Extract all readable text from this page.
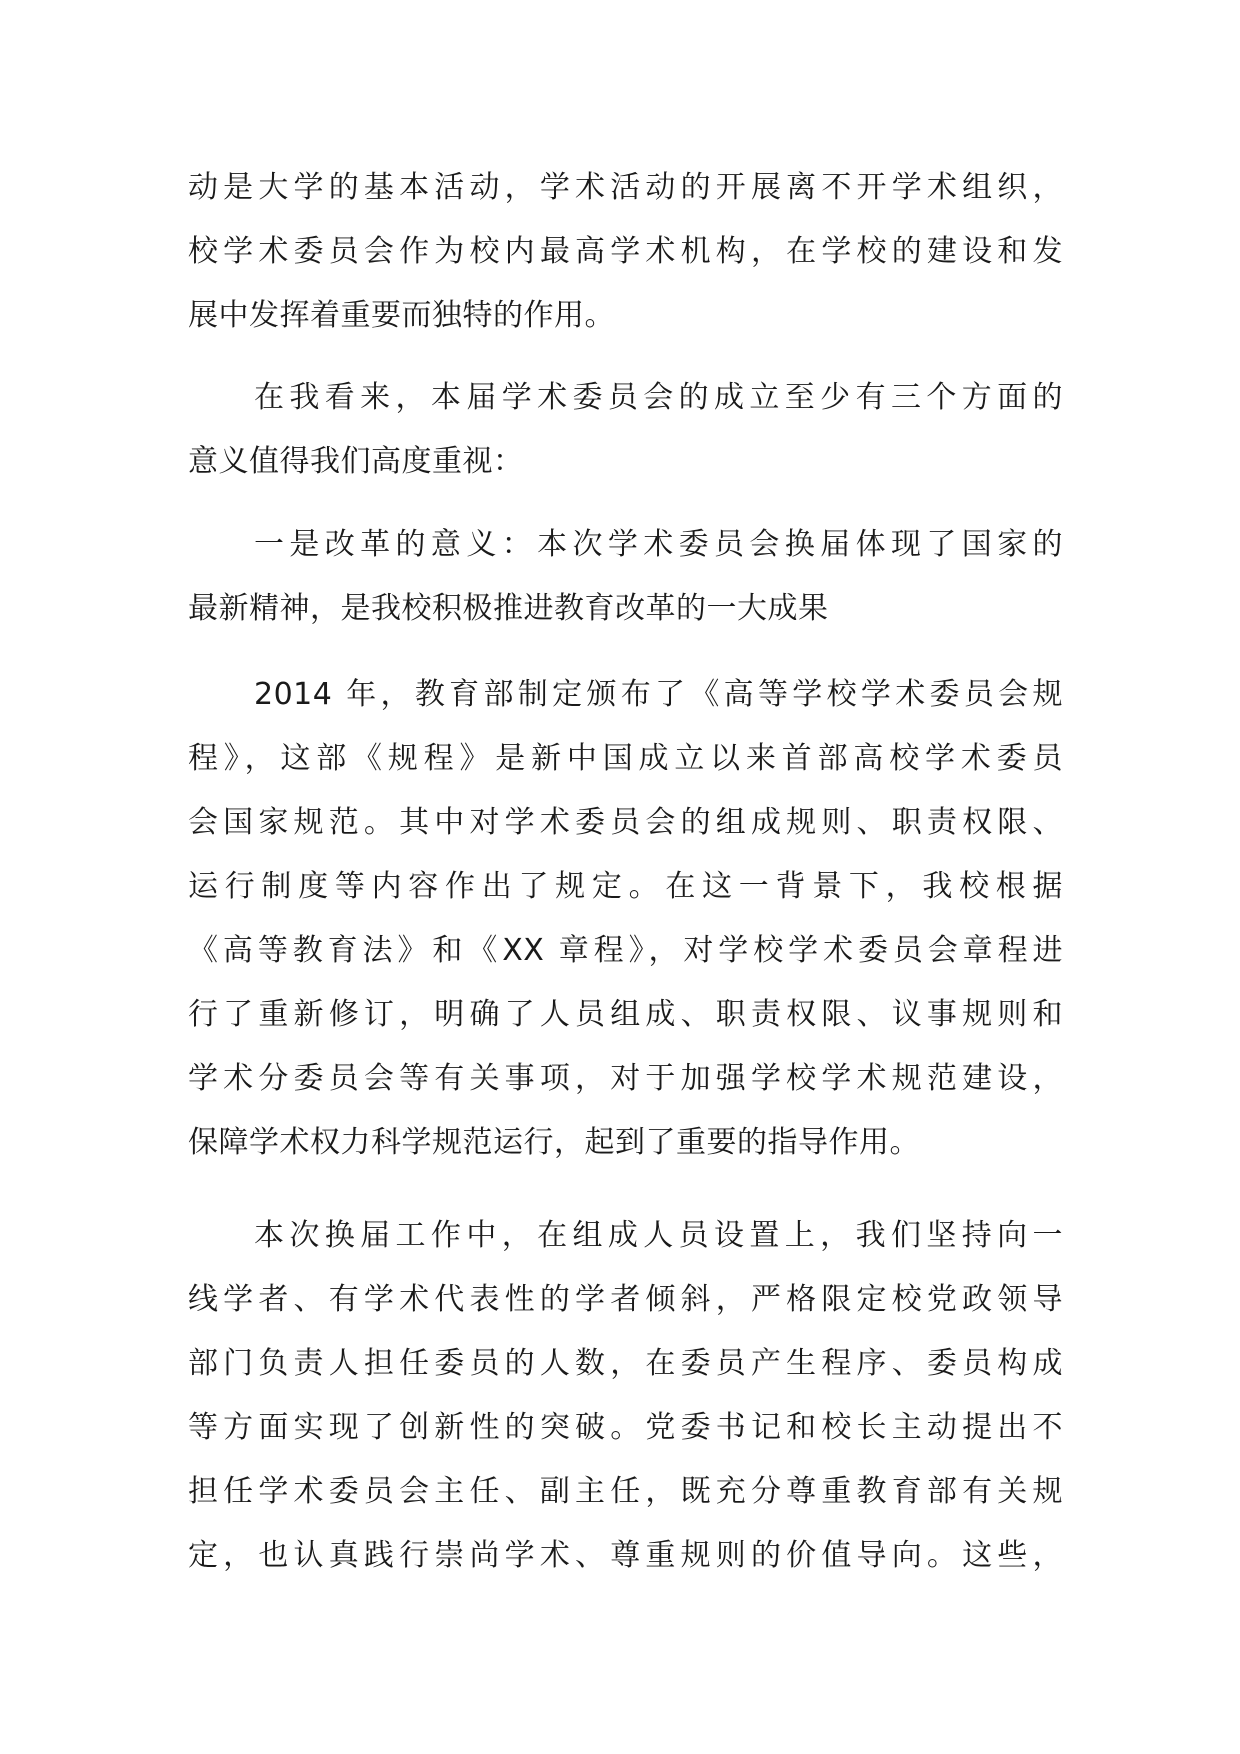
动是大学的基本活动，学术活动的开展离不开学术组织，
校学术委员会作为校内最高学术机构，在学校的建设和发
展中发挥着重要而独特的作用。
在我看来，本届学术委员会的成立至少有三个方面的
意义值得我们高度重视：
一是改革的意义：本次学术委员会换届体现了国家的
最新精神，是我校积极推进教育改革的一大成果
2014 年，教育部制定颁布了《高等学校学术委员会规
程》，这部《规程》是新中国成立以来首部高校学术委员
会国家规范。其中对学术委员会的组成规则、职责权限、
运行制度等内容作出了规定。在这一背景下，我校根据
《高等教育法》和《XX 章程》，对学校学术委员会章程进
行了重新修订，明确了人员组成、职责权限、议事规则和
学术分委员会等有关事项，对于加强学校学术规范建设，
保障学术权力科学规范运行，起到了重要的指导作用。
本次换届工作中，在组成人员设置上，我们坚持向一
线学者、有学术代表性的学者倾斜，严格限定校党政领导
部门负责人担任委员的人数，在委员产生程序、委员构成
等方面实现了创新性的突破。党委书记和校长主动提出不
担任学术委员会主任、副主任，既充分尊重教育部有关规
定，也认真践行崇尚学术、尊重规则的价值导向。这些，
